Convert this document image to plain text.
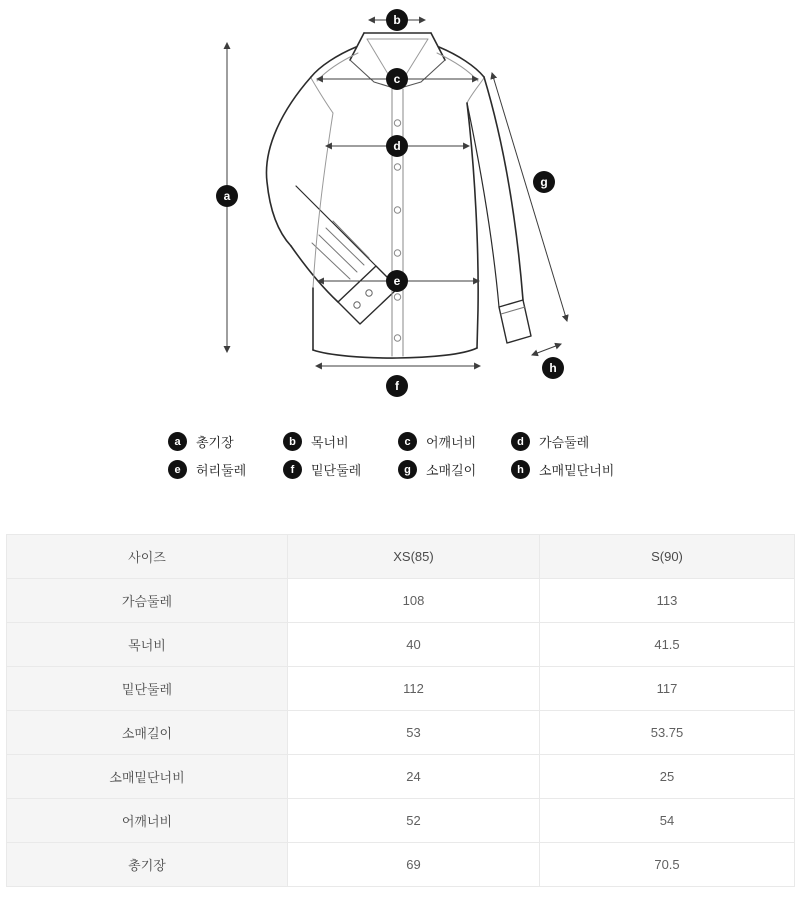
a
b
c
d
e
f
g
h
a	총기장	b	목너비	c	어깨너비	d	가슴둘레
e	허리둘레	f	밑단둘레	g	소매길이	h	소매밑단너비
사이즈	XS(85)	S(90)
가슴둘레	108	113
목너비	40	41.5
밑단둘레	112	117
소매길이	53	53.75
소매밑단너비	24	25
어깨너비	52	54
총기장	69	70.5
